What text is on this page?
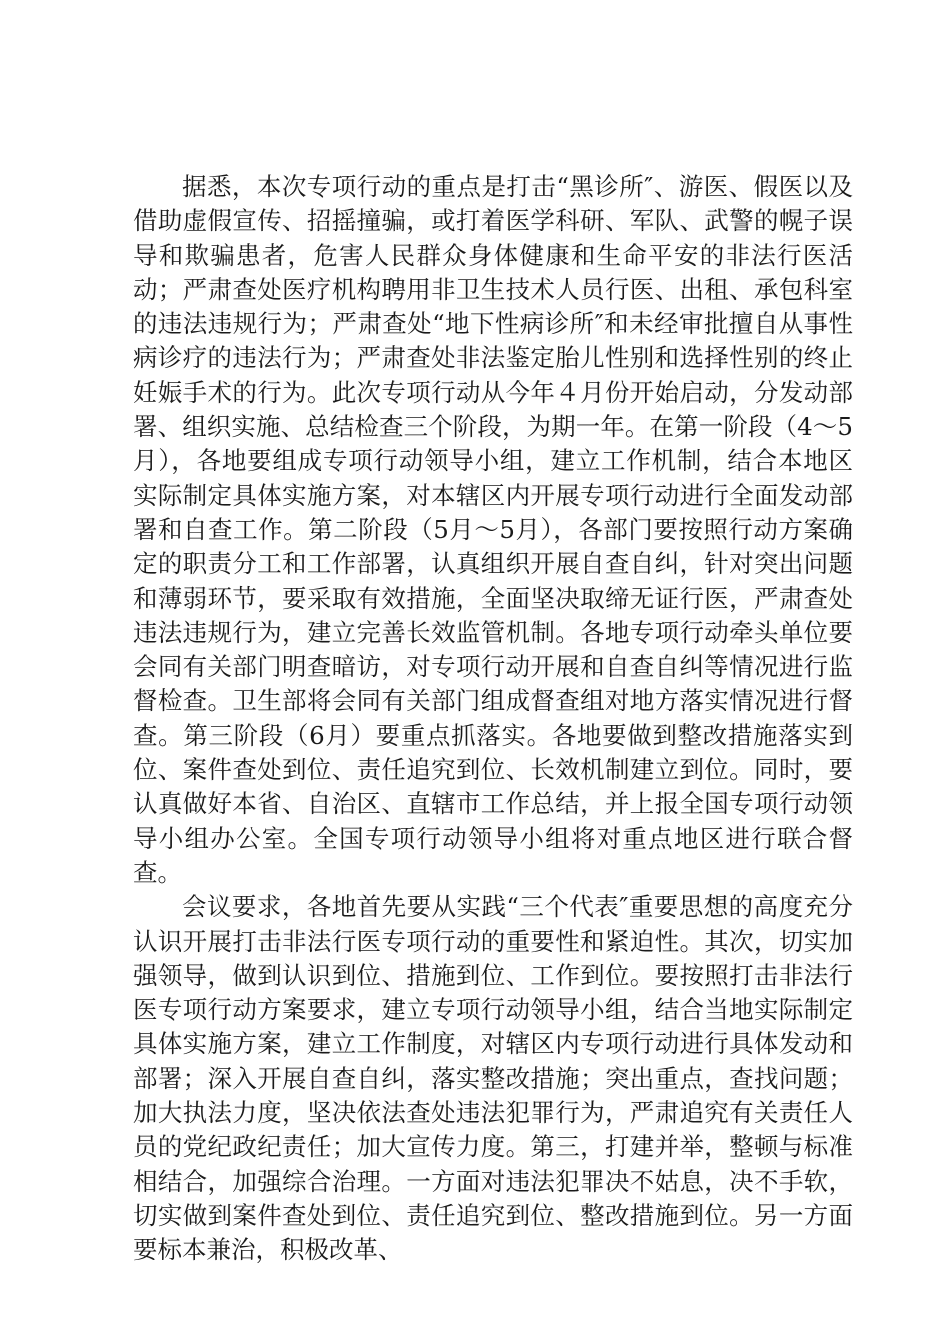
据悉，本次专项行动的重点是打击“黑诊所″、游医、假医以及借助虚假宣传、招摇撞骗，或打着医学科研、军队、武警的幌子误导和欺骗患者，危害人民群众身体健康和生命平安的非法行医活动；严肃查处医疗机构聘用非卫生技术人员行医、出租、承包科室的违法违规行为；严肃查处“地下性病诊所″和未经审批擅自从事性病诊疗的违法行为；严肃查处非法鉴定胎儿性别和选择性别的终止妊娠手术的行为。此次专项行动从今年４月份开始启动，分发动部署、组织实施、总结检查三个阶段，为期一年。在第一阶段（4～5月），各地要组成专项行动领导小组，建立工作机制，结合本地区实际制定具体实施方案，对本辖区内开展专项行动进行全面发动部署和自查工作。第二阶段（5月～5月），各部门要按照行动方案确定的职责分工和工作部署，认真组织开展自查自纠，针对突出问题和薄弱环节，要采取有效措施，全面坚决取缔无证行医，严肃查处违法违规行为，建立完善长效监管机制。各地专项行动牵头单位要会同有关部门明查暗访，对专项行动开展和自查自纠等情况进行监督检查。卫生部将会同有关部门组成督查组对地方落实情况进行督查。第三阶段（6月）要重点抓落实。各地要做到整改措施落实到位、案件查处到位、责任追究到位、长效机制建立到位。同时，要认真做好本省、自治区、直辖市工作总结，并上报全国专项行动领导小组办公室。全国专项行动领导小组将对重点地区进行联合督查。

会议要求，各地首先要从实践“三个代表″重要思想的高度充分认识开展打击非法行医专项行动的重要性和紧迫性。其次，切实加强领导，做到认识到位、措施到位、工作到位。要按照打击非法行医专项行动方案要求，建立专项行动领导小组，结合当地实际制定具体实施方案，建立工作制度，对辖区内专项行动进行具体发动和部署；深入开展自查自纠，落实整改措施；突出重点，查找问题；加大执法力度，坚决依法查处违法犯罪行为，严肃追究有关责任人员的党纪政纪责任；加大宣传力度。第三，打建并举，整顿与标准相结合，加强综合治理。一方面对违法犯罪决不姑息，决不手软，切实做到案件查处到位、责任追究到位、整改措施到位。另一方面要标本兼治，积极改革、
